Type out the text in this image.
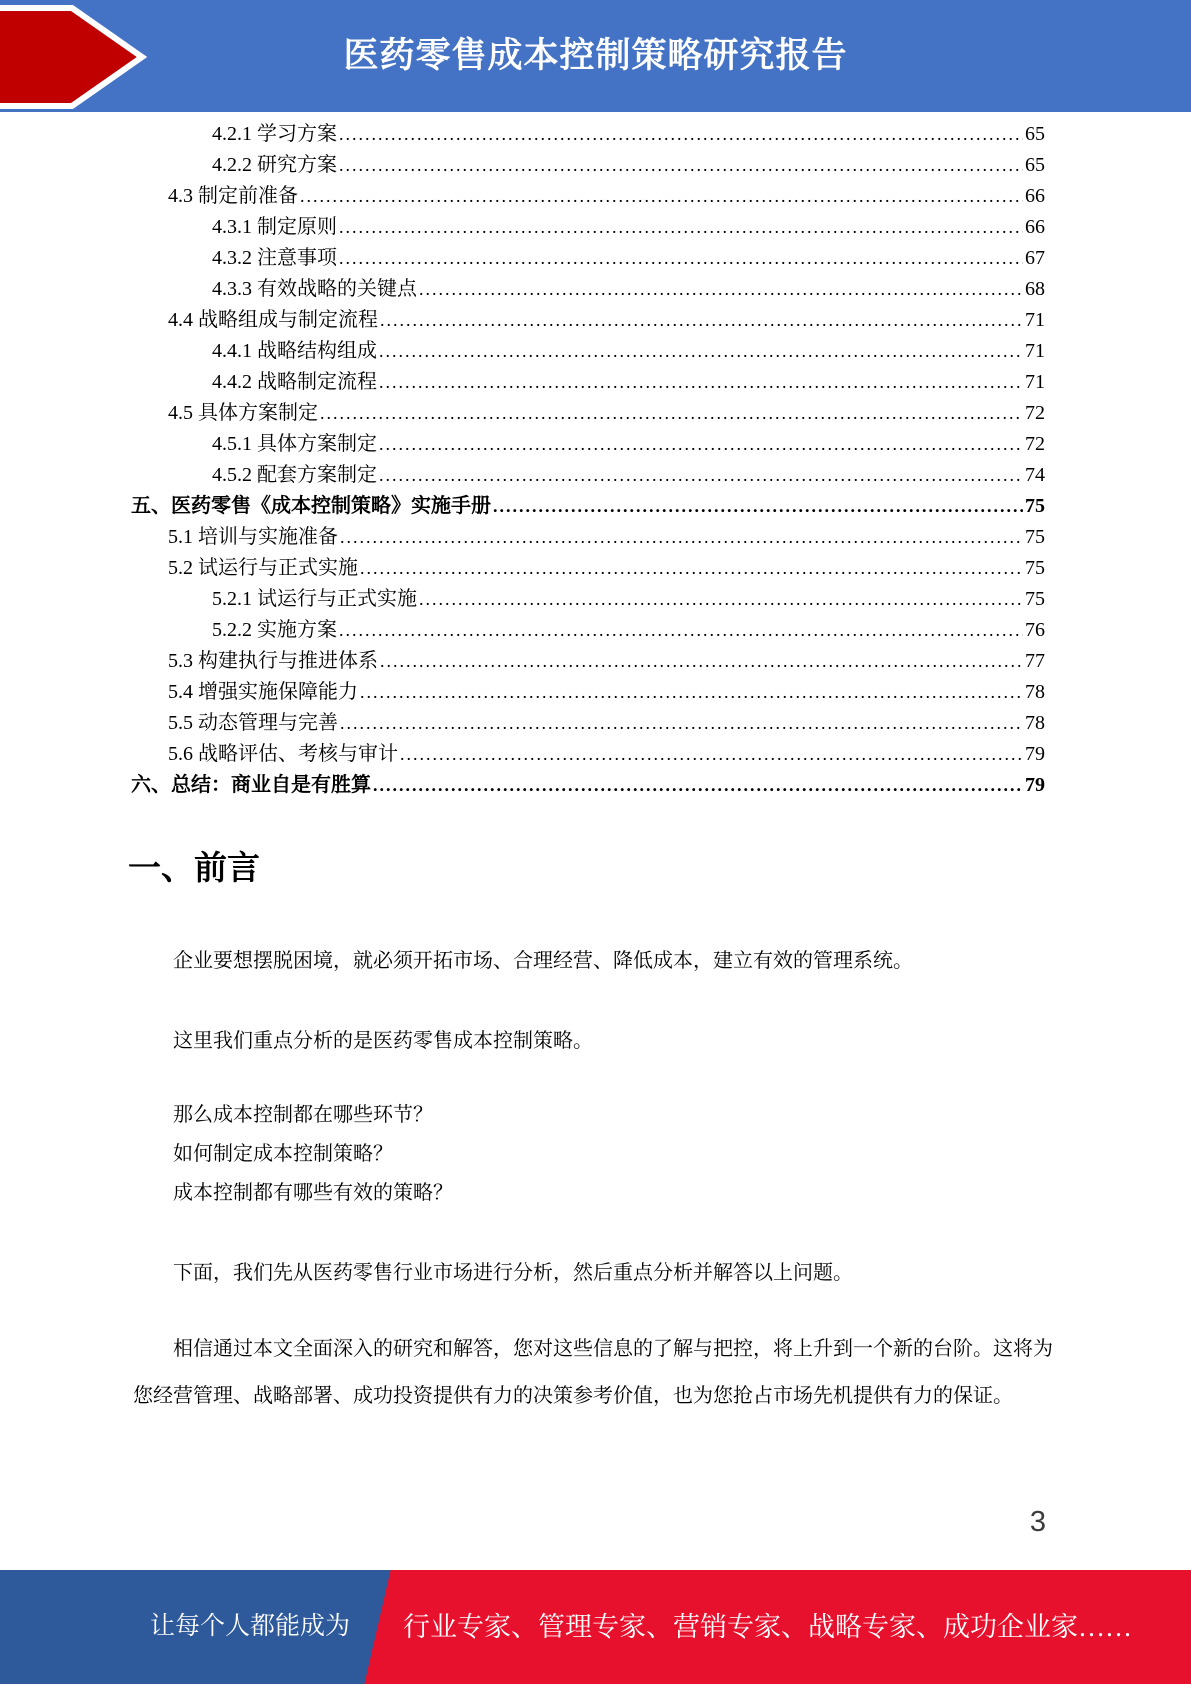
医药零售成本控制策略研究报告
4.2.1 学习方案 .....	65
4.2.2 研究方案 .....	65
4.3 制定前准备 .....	66
4.3.1 制定原则 .....	66
4.3.2 注意事项 .....	67
4.3.3 有效战略的关键点 .....	68
4.4 战略组成与制定流程 .....	71
4.4.1 战略结构组成 .....	71
4.4.2 战略制定流程 .....	71
4.5 具体方案制定 .....	72
4.5.1 具体方案制定 .....	72
4.5.2 配套方案制定 .....	74
五、医药零售《成本控制策略》实施手册 .....	75
5.1 培训与实施准备 .....	75
5.2 试运行与正式实施 .....	75
5.2.1 试运行与正式实施 .....	75
5.2.2 实施方案 .....	76
5.3 构建执行与推进体系 .....	77
5.4 增强实施保障能力 .....	78
5.5 动态管理与完善 .....	78
5.6 战略评估、考核与审计 .....	79
六、总结：商业自是有胜算 .....	79
一、前言

企业要想摆脱困境，就必须开拓市场、合理经营、降低成本，建立有效的管理系统。

这里我们重点分析的是医药零售成本控制策略。

那么成本控制都在哪些环节？

如何制定成本控制策略？

成本控制都有哪些有效的策略？

下面，我们先从医药零售行业市场进行分析，然后重点分析并解答以上问题。

相信通过本文全面深入的研究和解答，您对这些信息的了解与把控，将上升到一个新的台阶。这将为您经营管理、战略部署、成功投资提供有力的决策参考价值，也为您抢占市场先机提供有力的保证。

3
让每个人都能成为	行业专家、管理专家、营销专家、战略专家、成功企业家……
